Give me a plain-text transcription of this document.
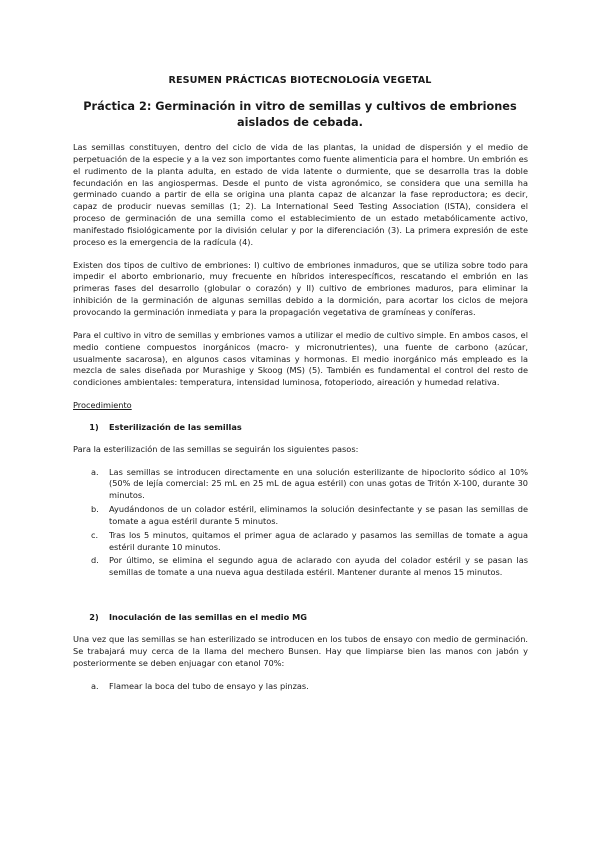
RESUMEN PRÁCTICAS BIOTECNOLOGÍA VEGETAL
Práctica 2: Germinación in vitro de semillas y cultivos de embriones aislados de cebada.

Las semillas constituyen, dentro del ciclo de vida de las plantas, la unidad de dispersión y el medio de perpetuación de la especie y a la vez son importantes como fuente alimenticia para el hombre. Un embrión es el rudimento de la planta adulta, en estado de vida latente o durmiente, que se desarrolla tras la doble fecundación en las angiospermas. Desde el punto de vista agronómico, se considera que una semilla ha germinado cuando a partir de ella se origina una planta capaz de alcanzar la fase reproductora; es decir, capaz de producir nuevas semillas (1; 2). La International Seed Testing Association (ISTA), considera el proceso de germinación de una semilla como el establecimiento de un estado metabólicamente activo, manifestado fisiológicamente por la división celular y por la diferenciación (3). La primera expresión de este proceso es la emergencia de la radícula (4).

Existen dos tipos de cultivo de embriones: I) cultivo de embriones inmaduros, que se utiliza sobre todo para impedir el aborto embrionario, muy frecuente en híbridos interespecíficos, rescatando el embrión en las primeras fases del desarrollo (globular o corazón) y II) cultivo de embriones maduros, para eliminar la inhibición de la germinación de algunas semillas debido a la dormición, para acortar los ciclos de mejora provocando la germinación inmediata y para la propagación vegetativa de gramíneas y coníferas.

Para el cultivo in vitro de semillas y embriones vamos a utilizar el medio de cultivo simple. En ambos casos, el medio contiene compuestos inorgánicos (macro- y micronutrientes), una fuente de carbono (azúcar, usualmente sacarosa), en algunos casos vitaminas y hormonas. El medio inorgánico más empleado es la mezcla de sales diseñada por Murashige y Skoog (MS) (5). También es fundamental el control del resto de condiciones ambientales: temperatura, intensidad luminosa, fotoperiodo, aireación y humedad relativa.

Procedimiento

1)	Esterilización de las semillas

Para la esterilización de las semillas se seguirán los siguientes pasos:

a.	Las semillas se introducen directamente en una solución esterilizante de hipoclorito sódico al 10% (50% de lejía comercial: 25 mL en 25 mL de agua estéril) con unas gotas de Tritón X-100, durante 30 minutos.
b.	Ayudándonos de un colador estéril, eliminamos la solución desinfectante y se pasan las semillas de tomate a agua estéril durante 5 minutos.
c.	Tras los 5 minutos, quitamos el primer agua de aclarado y pasamos las semillas de tomate a agua estéril durante 10 minutos.
d.	Por último, se elimina el segundo agua de aclarado con ayuda del colador estéril y se pasan las semillas de tomate a una nueva agua destilada estéril. Mantener durante al menos 15 minutos.
2)	Inoculación de las semillas en el medio MG

Una vez que las semillas se han esterilizado se introducen en los tubos de ensayo con medio de germinación. Se trabajará muy cerca de la llama del mechero Bunsen. Hay que limpiarse bien las manos con jabón y posteriormente se deben enjuagar con etanol 70%:

a.	Flamear la boca del tubo de ensayo y las pinzas.
